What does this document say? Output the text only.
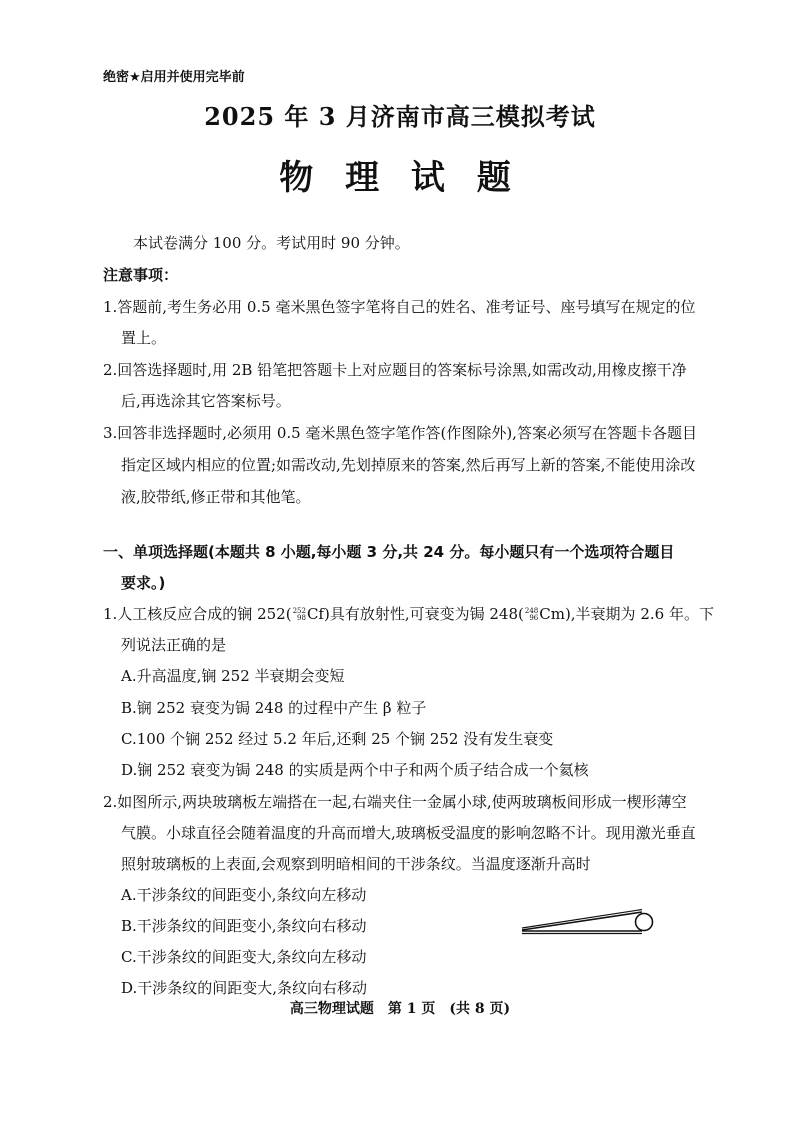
绝密★启用并使用完毕前
2025 年 3 月济南市高三模拟考试
物 理 试 题
本试卷满分 100 分。考试用时 90 分钟。
注意事项：
1.答题前,考生务必用 0.5 毫米黑色签字笔将自己的姓名、准考证号、座号填写在规定的位
置上。
2.回答选择题时,用 2B 铅笔把答题卡上对应题目的答案标号涂黑,如需改动,用橡皮擦干净
后,再选涂其它答案标号。
3.回答非选择题时,必须用 0.5 毫米黑色签字笔作答(作图除外),答案必须写在答题卡各题目
指定区域内相应的位置;如需改动,先划掉原来的答案,然后再写上新的答案,不能使用涂改
液,胶带纸,修正带和其他笔。
一、单项选择题(本题共 8 小题,每小题 3 分,共 24 分。每小题只有一个选项符合题目
要求。)
1.人工核反应合成的锎 252( 252
98 Cf)具有放射性,可衰变为锔 248( 248
96 Cm),半衰期为 2.6 年。下
列说法正确的是
A.升高温度,锎 252 半衰期会变短
B.锎 252 衰变为锔 248 的过程中产生 β 粒子
C.100 个锎 252 经过 5.2 年后,还剩 25 个锎 252 没有发生衰变
D.锎 252 衰变为锔 248 的实质是两个中子和两个质子结合成一个氦核
2.如图所示,两块玻璃板左端搭在一起,右端夹住一金属小球,使两玻璃板间形成一楔形薄空
气膜。小球直径会随着温度的升高而增大,玻璃板受温度的影响忽略不计。现用激光垂直
照射玻璃板的上表面,会观察到明暗相间的干涉条纹。当温度逐渐升高时
A.干涉条纹的间距变小,条纹向左移动
B.干涉条纹的间距变小,条纹向右移动
C.干涉条纹的间距变大,条纹向左移动
D.干涉条纹的间距变大,条纹向右移动
高三物理试题　第 1 页　(共 8 页)
